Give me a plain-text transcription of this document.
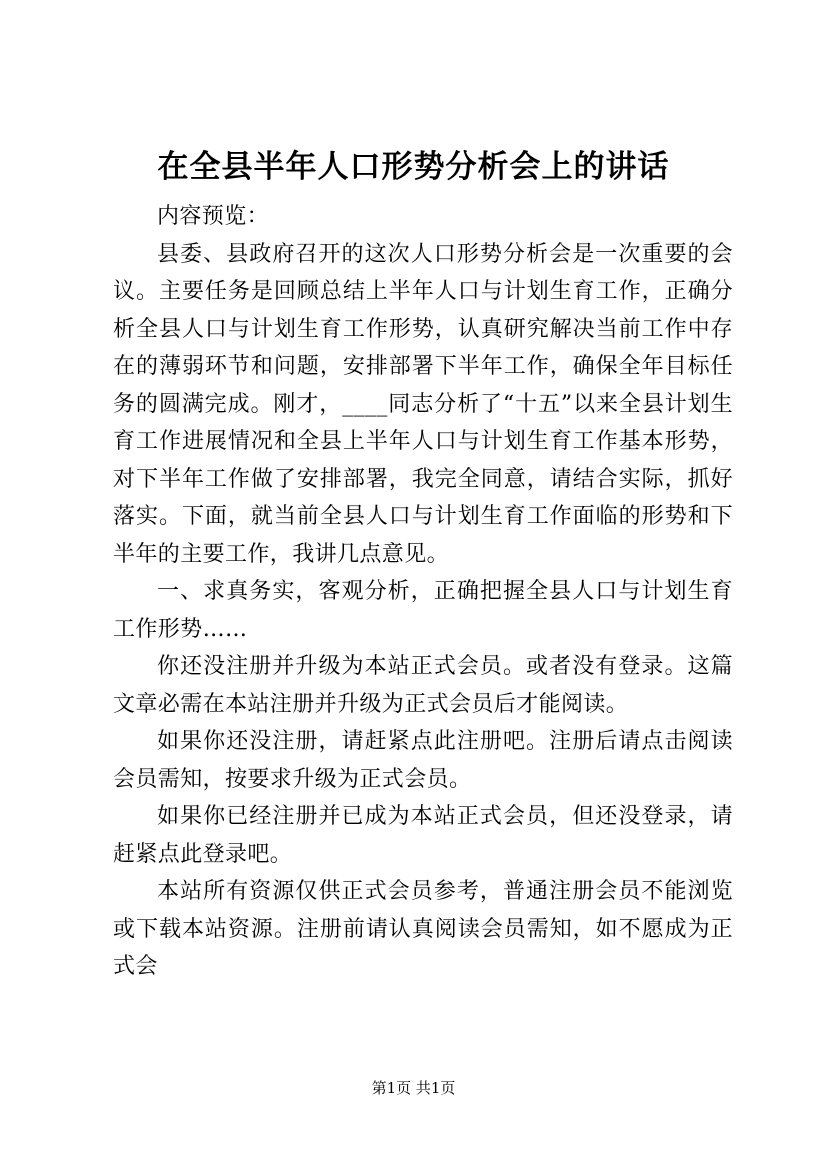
在全县半年人口形势分析会上的讲话

内容预览：

县委、县政府召开的这次人口形势分析会是一次重要的会议。主要任务是回顾总结上半年人口与计划生育工作，正确分析全县人口与计划生育工作形势，认真研究解决当前工作中存在的薄弱环节和问题，安排部署下半年工作，确保全年目标任务的圆满完成。刚才，____同志分析了“十五”以来全县计划生育工作进展情况和全县上半年人口与计划生育工作基本形势，对下半年工作做了安排部署，我完全同意，请结合实际，抓好落实。下面，就当前全县人口与计划生育工作面临的形势和下半年的主要工作，我讲几点意见。

一、求真务实，客观分析，正确把握全县人口与计划生育工作形势……

你还没注册并升级为本站正式会员。或者没有登录。这篇文章必需在本站注册并升级为正式会员后才能阅读。

如果你还没注册，请赶紧点此注册吧。注册后请点击阅读会员需知，按要求升级为正式会员。

如果你已经注册并已成为本站正式会员，但还没登录，请赶紧点此登录吧。

本站所有资源仅供正式会员参考，普通注册会员不能浏览或下载本站资源。注册前请认真阅读会员需知，如不愿成为正式会

第1页 共1页
